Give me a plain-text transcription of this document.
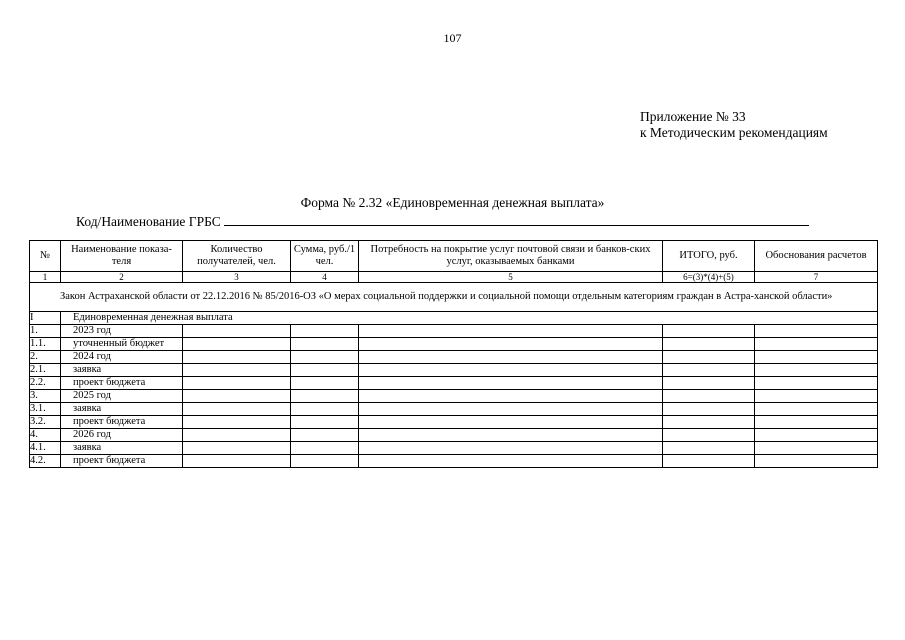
107
Приложение № 33
к Методическим рекомендациям
Форма № 2.32 «Единовременная денежная выплата»
Код/Наименование ГРБС
№	Наименование показа-теля	Количество получателей, чел.	Сумма, руб./1 чел.	Потребность на покрытие услуг почтовой связи и банков-ских услуг, оказываемых банками	ИТОГО, руб.	Обоснования расчетов
1	2	3	4	5	6=(3)*(4)+(5)	7
Закон Астраханской области от 22.12.2016 № 85/2016-ОЗ «О мерах социальной поддержки и социальной помощи отдельным категориям граждан в Астра-ханской области»						
I	Единовременная денежная выплата					
1.	2023 год					
1.1.	уточненный бюджет					
2.	2024 год					
2.1.	заявка					
2.2.	проект бюджета					
3.	2025 год					
3.1.	заявка					
3.2.	проект бюджета					
4.	2026 год					
4.1.	заявка					
4.2.	проект бюджета					
